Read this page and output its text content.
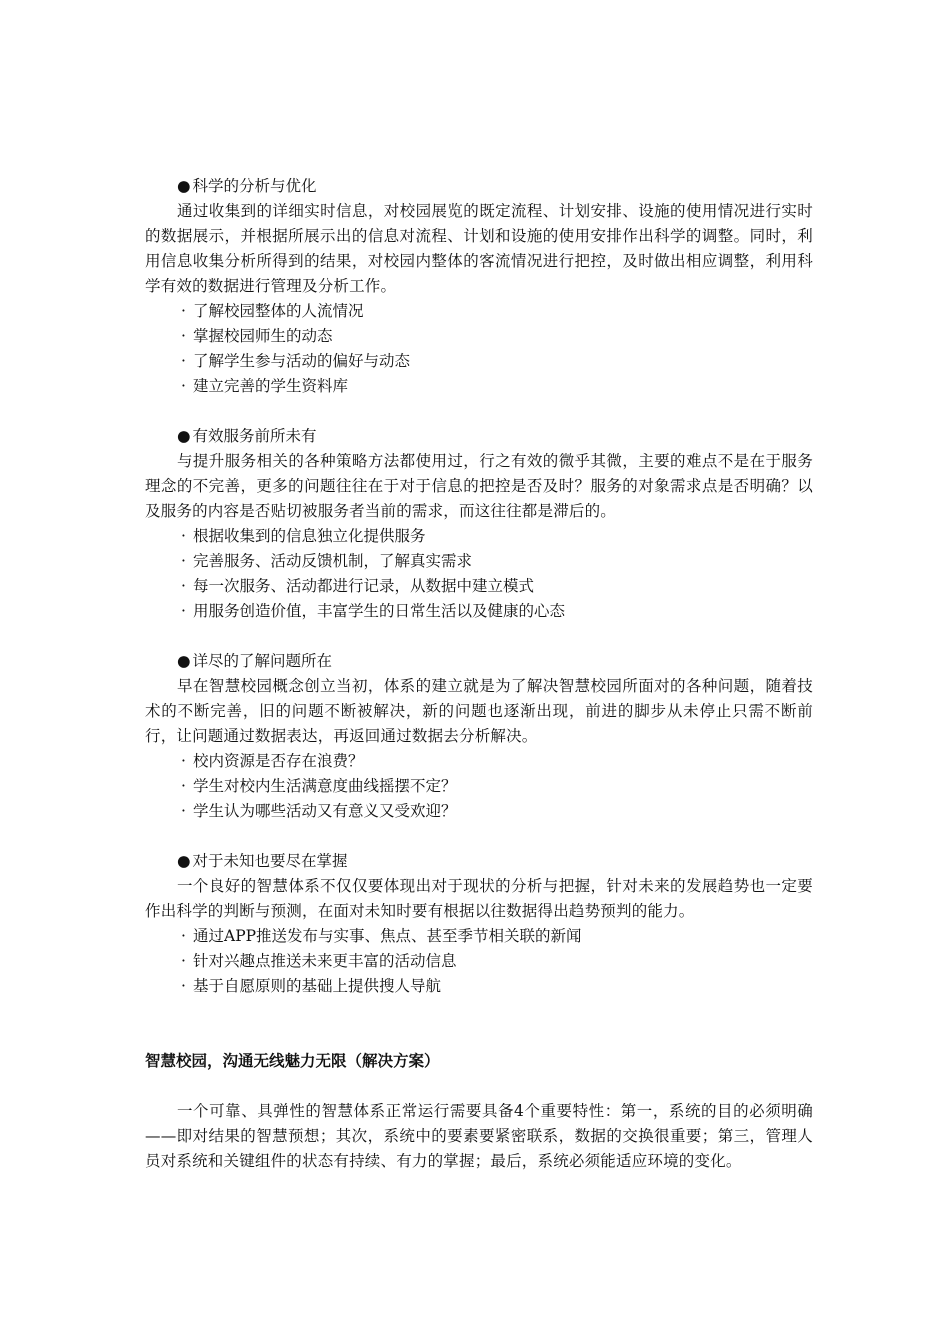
● 科学的分析与优化

通过收集到的详细实时信息，对校园展览的既定流程、计划安排、设施的使用情况进行实时的数据展示，并根据所展示出的信息对流程、计划和设施的使用安排作出科学的调整。同时，利用信息收集分析所得到的结果，对校园内整体的客流情况进行把控，及时做出相应调整，利用科学有效的数据进行管理及分析工作。

· 了解校园整体的人流情况
· 掌握校园师生的动态
· 了解学生参与活动的偏好与动态
· 建立完善的学生资料库

● 有效服务前所未有

与提升服务相关的各种策略方法都使用过，行之有效的微乎其微，主要的难点不是在于服务理念的不完善，更多的问题往往在于对于信息的把控是否及时？服务的对象需求点是否明确？以及服务的内容是否贴切被服务者当前的需求，而这往往都是滞后的。

· 根据收集到的信息独立化提供服务
· 完善服务、活动反馈机制，了解真实需求
· 每一次服务、活动都进行记录，从数据中建立模式
· 用服务创造价值，丰富学生的日常生活以及健康的心态

● 详尽的了解问题所在

早在智慧校园概念创立当初，体系的建立就是为了解决智慧校园所面对的各种问题，随着技术的不断完善，旧的问题不断被解决，新的问题也逐渐出现，前进的脚步从未停止只需不断前行，让问题通过数据表达，再返回通过数据去分析解决。

· 校内资源是否存在浪费？
· 学生对校内生活满意度曲线摇摆不定？
· 学生认为哪些活动又有意义又受欢迎？

● 对于未知也要尽在掌握

一个良好的智慧体系不仅仅要体现出对于现状的分析与把握，针对未来的发展趋势也一定要作出科学的判断与预测，在面对未知时要有根据以往数据得出趋势预判的能力。

· 通过APP推送发布与实事、焦点、甚至季节相关联的新闻
· 针对兴趣点推送未来更丰富的活动信息
· 基于自愿原则的基础上提供搜人导航

智慧校园，沟通无线魅力无限（解决方案）

一个可靠、具弹性的智慧体系正常运行需要具备4个重要特性：第一，系统的目的必须明确——即对结果的智慧预想；其次，系统中的要素要紧密联系，数据的交换很重要；第三，管理人员对系统和关键组件的状态有持续、有力的掌握；最后，系统必须能适应环境的变化。
